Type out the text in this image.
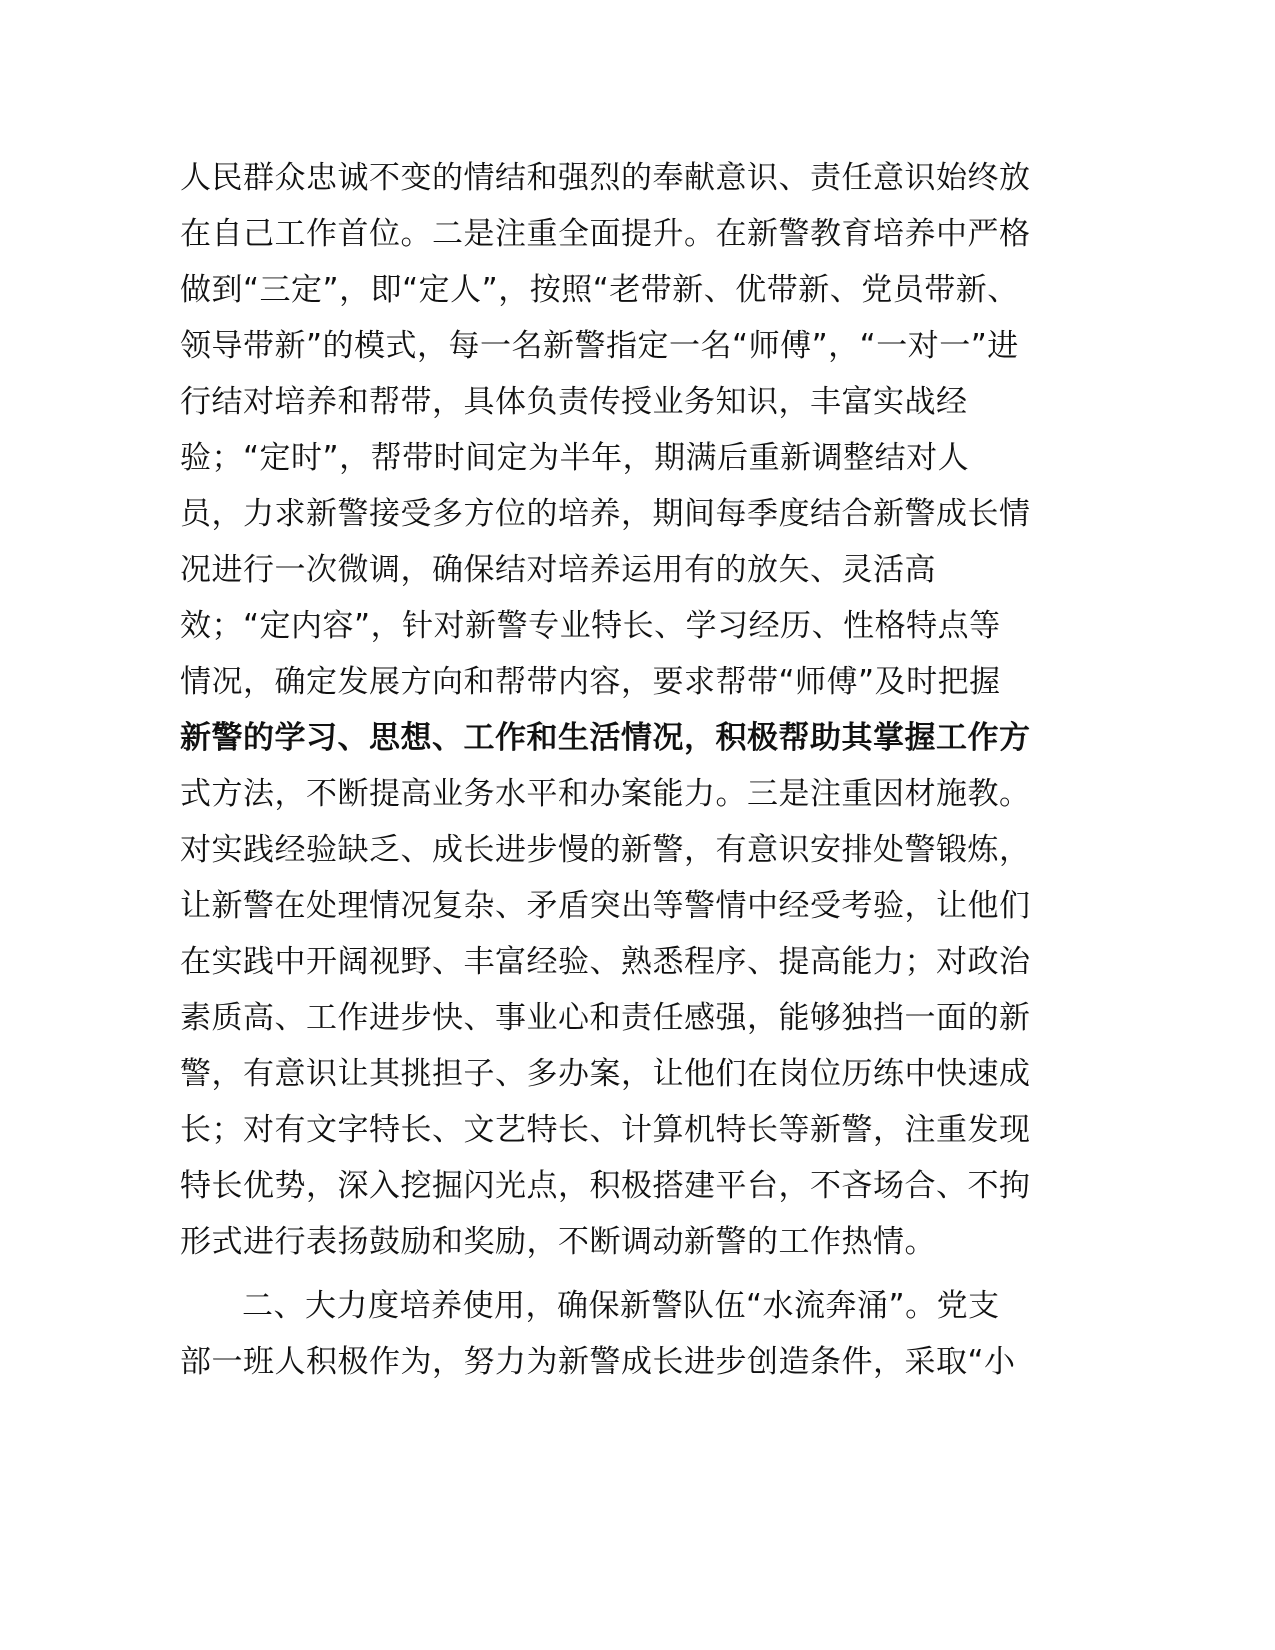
人民群众忠诚不变的情结和强烈的奉献意识、责任意识始终放
在自己工作首位。二是注重全面提升。在新警教育培养中严格
做到“三定”，即“定人”，按照“老带新、优带新、党员带新、
领导带新”的模式，每一名新警指定一名“师傅”，“一对一”进
行结对培养和帮带，具体负责传授业务知识，丰富实战经
验；“定时”，帮带时间定为半年，期满后重新调整结对人
员，力求新警接受多方位的培养，期间每季度结合新警成长情
况进行一次微调，确保结对培养运用有的放矢、灵活高
效；“定内容”，针对新警专业特长、学习经历、性格特点等
情况，确定发展方向和帮带内容，要求帮带“师傅”及时把握
新警的学习、思想、工作和生活情况，积极帮助其掌握工作方
式方法，不断提高业务水平和办案能力。三是注重因材施教。
对实践经验缺乏、成长进步慢的新警，有意识安排处警锻炼，
让新警在处理情况复杂、矛盾突出等警情中经受考验，让他们
在实践中开阔视野、丰富经验、熟悉程序、提高能力；对政治
素质高、工作进步快、事业心和责任感强，能够独挡一面的新
警，有意识让其挑担子、多办案，让他们在岗位历练中快速成
长；对有文字特长、文艺特长、计算机特长等新警，注重发现
特长优势，深入挖掘闪光点，积极搭建平台，不吝场合、不拘
形式进行表扬鼓励和奖励，不断调动新警的工作热情。
二、大力度培养使用，确保新警队伍“水流奔涌”。党支
部一班人积极作为，努力为新警成长进步创造条件，采取“小
